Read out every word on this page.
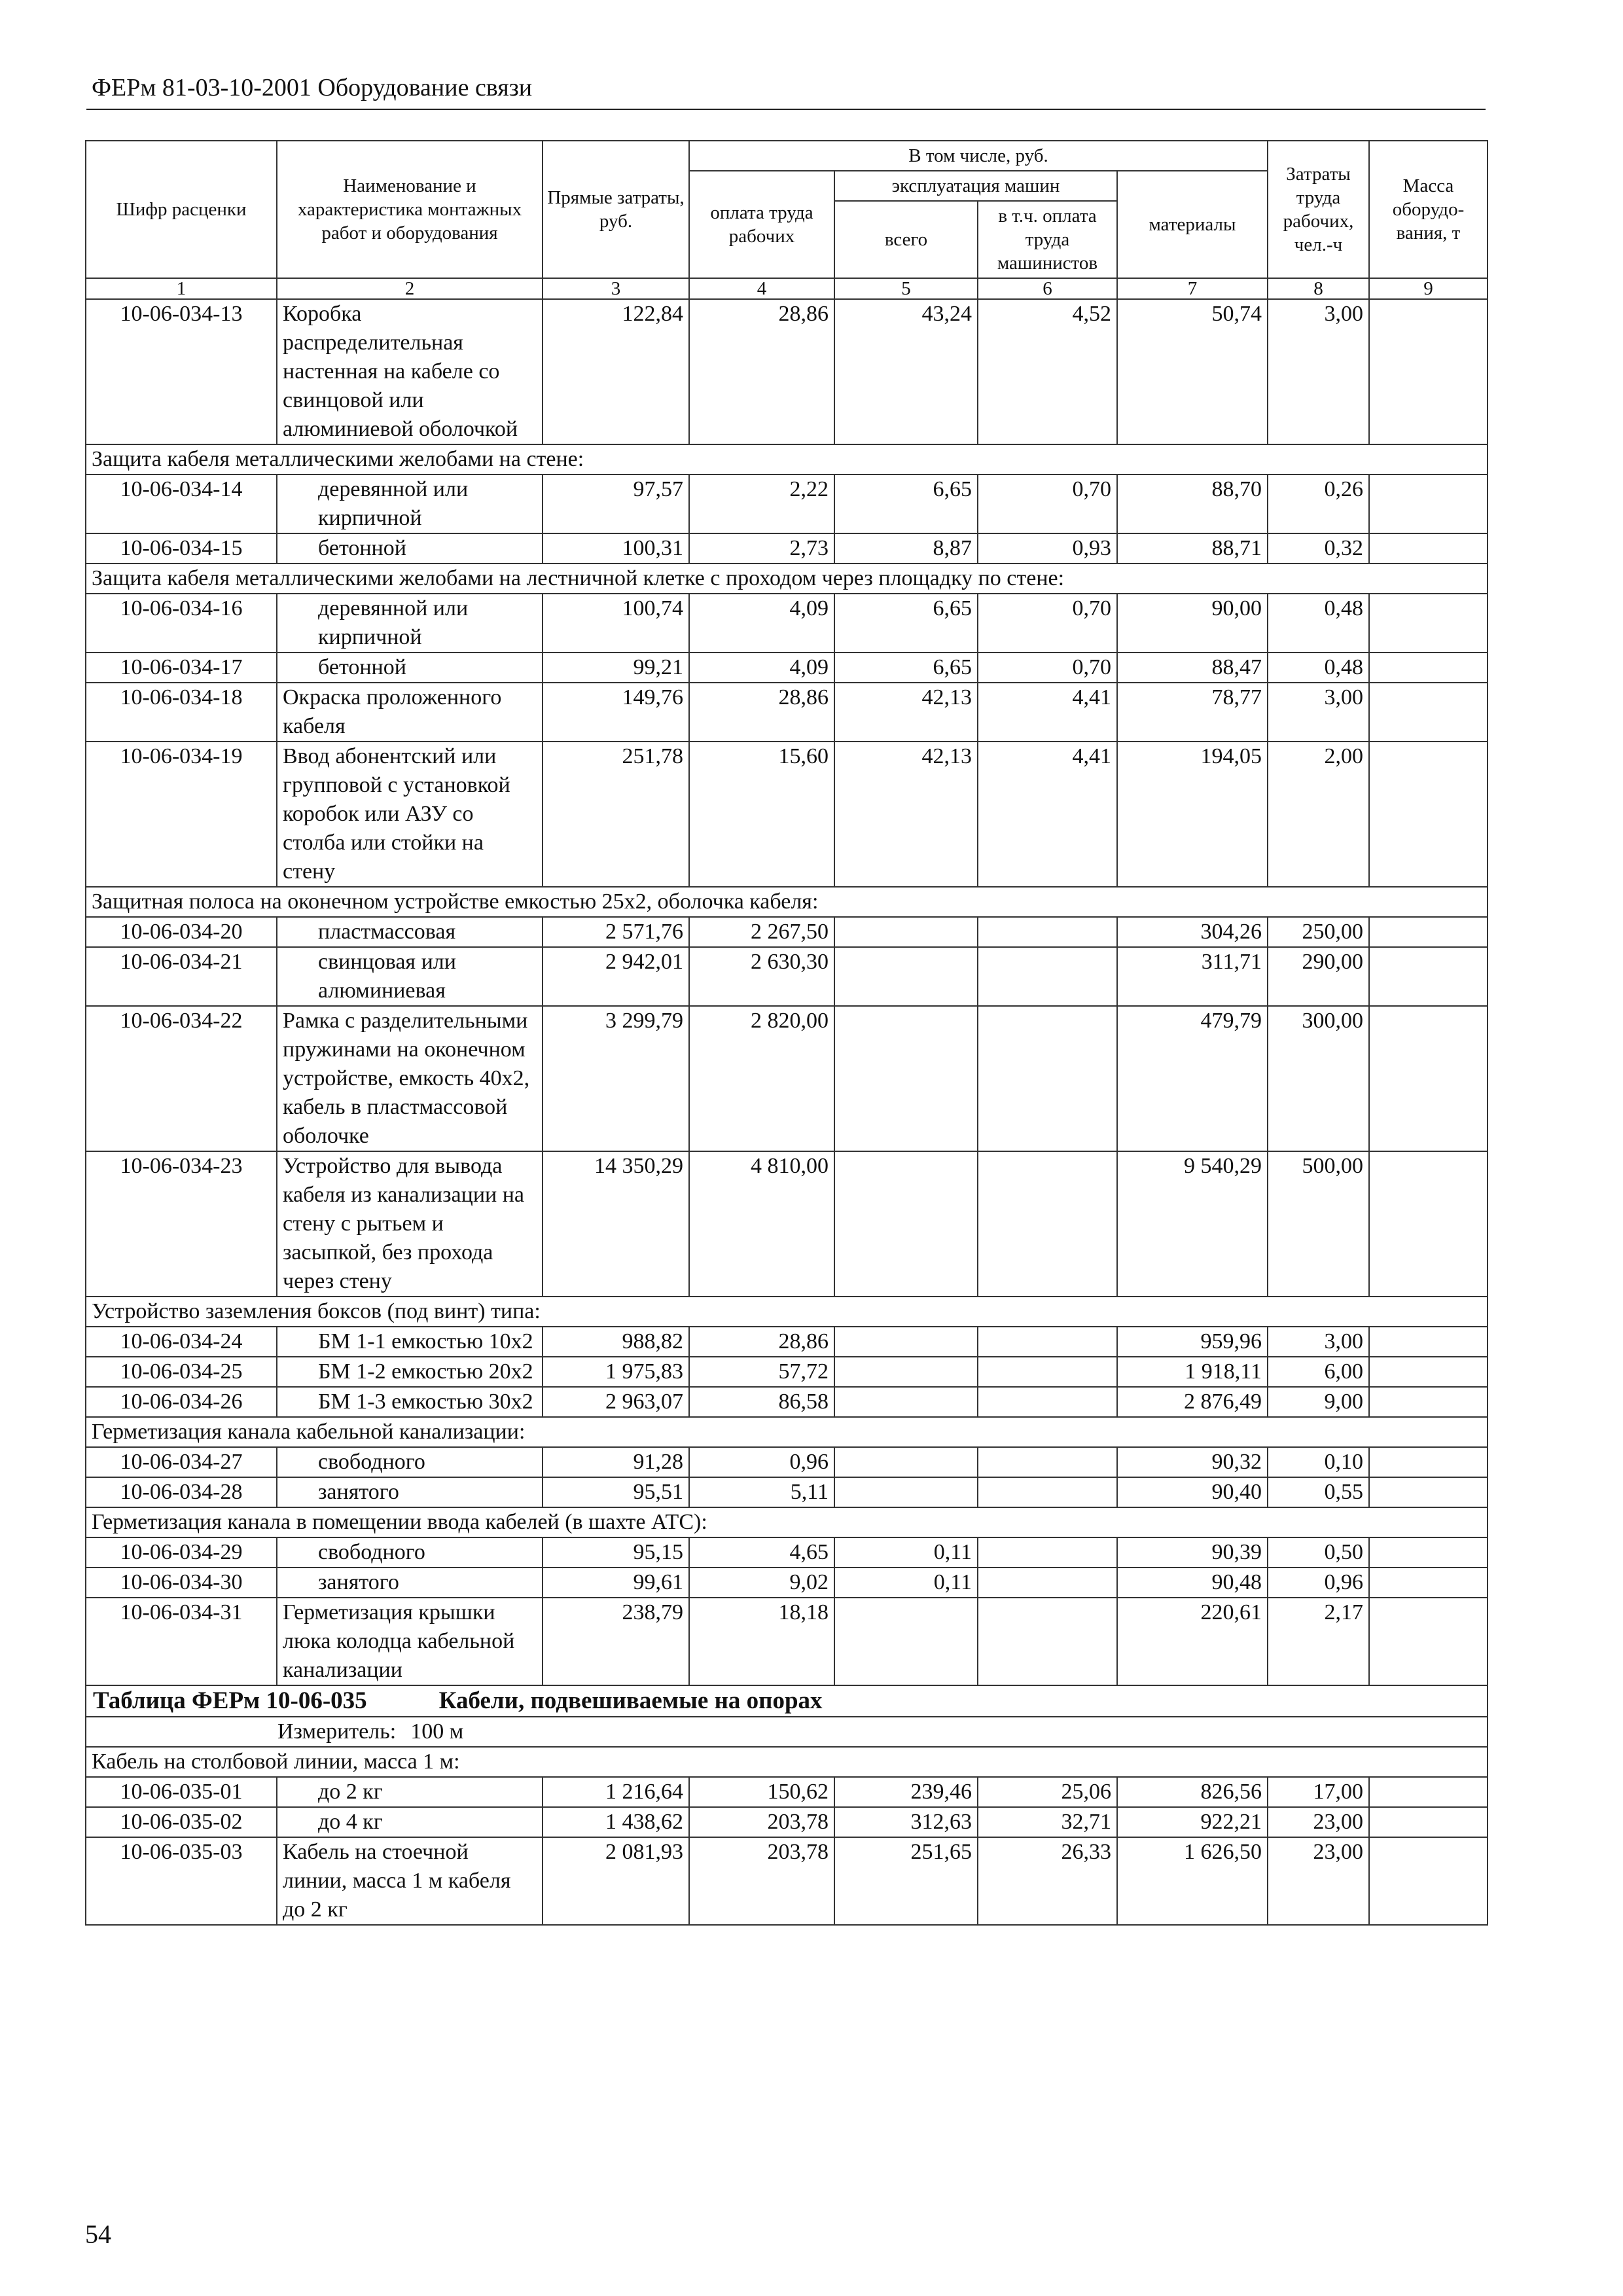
ФЕРм 81-03-10-2001 Оборудование связи
Шифр расценки	Наименование и характеристика монтажных работ и оборудования	Прямые затраты, руб.	В том числе, руб.				Затраты труда рабочих, чел.-ч	Масса оборудо-вания, т
			оплата труда рабочих	эксплуатация машин		материалы		
				всего	в т.ч. оплата труда машинистов			
1	2	3	4	5	6	7	8	9
10-06-034-13	Коробка распределительная настенная на кабеле со свинцовой или алюминиевой оболочкой	122,84	28,86	43,24	4,52	50,74	3,00	
Защита кабеля металлическими желобами на стене:								
10-06-034-14	деревянной или кирпичной	97,57	2,22	6,65	0,70	88,70	0,26	
10-06-034-15	бетонной	100,31	2,73	8,87	0,93	88,71	0,32	
Защита кабеля металлическими желобами на лестничной клетке с проходом через площадку по стене:								
10-06-034-16	деревянной или кирпичной	100,74	4,09	6,65	0,70	90,00	0,48	
10-06-034-17	бетонной	99,21	4,09	6,65	0,70	88,47	0,48	
10-06-034-18	Окраска проложенного кабеля	149,76	28,86	42,13	4,41	78,77	3,00	
10-06-034-19	Ввод абонентский или групповой с установкой коробок или АЗУ со столба или стойки на стену	251,78	15,60	42,13	4,41	194,05	2,00	
Защитная полоса на оконечном устройстве емкостью 25х2, оболочка кабеля:								
10-06-034-20	пластмассовая	2 571,76	2 267,50			304,26	250,00	
10-06-034-21	свинцовая или алюминиевая	2 942,01	2 630,30			311,71	290,00	
10-06-034-22	Рамка с разделительными пружинами на оконечном устройстве, емкость 40х2, кабель в пластмассовой оболочке	3 299,79	2 820,00			479,79	300,00	
10-06-034-23	Устройство для вывода кабеля из канализации на стену с рытьем и засыпкой, без прохода через стену	14 350,29	4 810,00			9 540,29	500,00	
Устройство заземления боксов (под винт) типа:								
10-06-034-24	БМ 1-1 емкостью 10х2	988,82	28,86			959,96	3,00	
10-06-034-25	БМ 1-2 емкостью 20х2	1 975,83	57,72			1 918,11	6,00	
10-06-034-26	БМ 1-3 емкостью 30х2	2 963,07	86,58			2 876,49	9,00	
Герметизация канала кабельной канализации:								
10-06-034-27	свободного	91,28	0,96			90,32	0,10	
10-06-034-28	занятого	95,51	5,11			90,40	0,55	
Герметизация канала в помещении ввода кабелей (в шахте АТС):								
10-06-034-29	свободного	95,15	4,65	0,11		90,39	0,50	
10-06-034-30	занятого	99,61	9,02	0,11		90,48	0,96	
10-06-034-31	Герметизация крышки люка колодца кабельной канализации	238,79	18,18			220,61	2,17	
Таблица ФЕРм 10-06-035 Кабели, подвешиваемые на опорах								
Измеритель: 100 м								
Кабель на столбовой линии, масса 1 м:								
10-06-035-01	до 2 кг	1 216,64	150,62	239,46	25,06	826,56	17,00	
10-06-035-02	до 4 кг	1 438,62	203,78	312,63	32,71	922,21	23,00	
10-06-035-03	Кабель на стоечной линии, масса 1 м кабеля до 2 кг	2 081,93	203,78	251,65	26,33	1 626,50	23,00	
54
